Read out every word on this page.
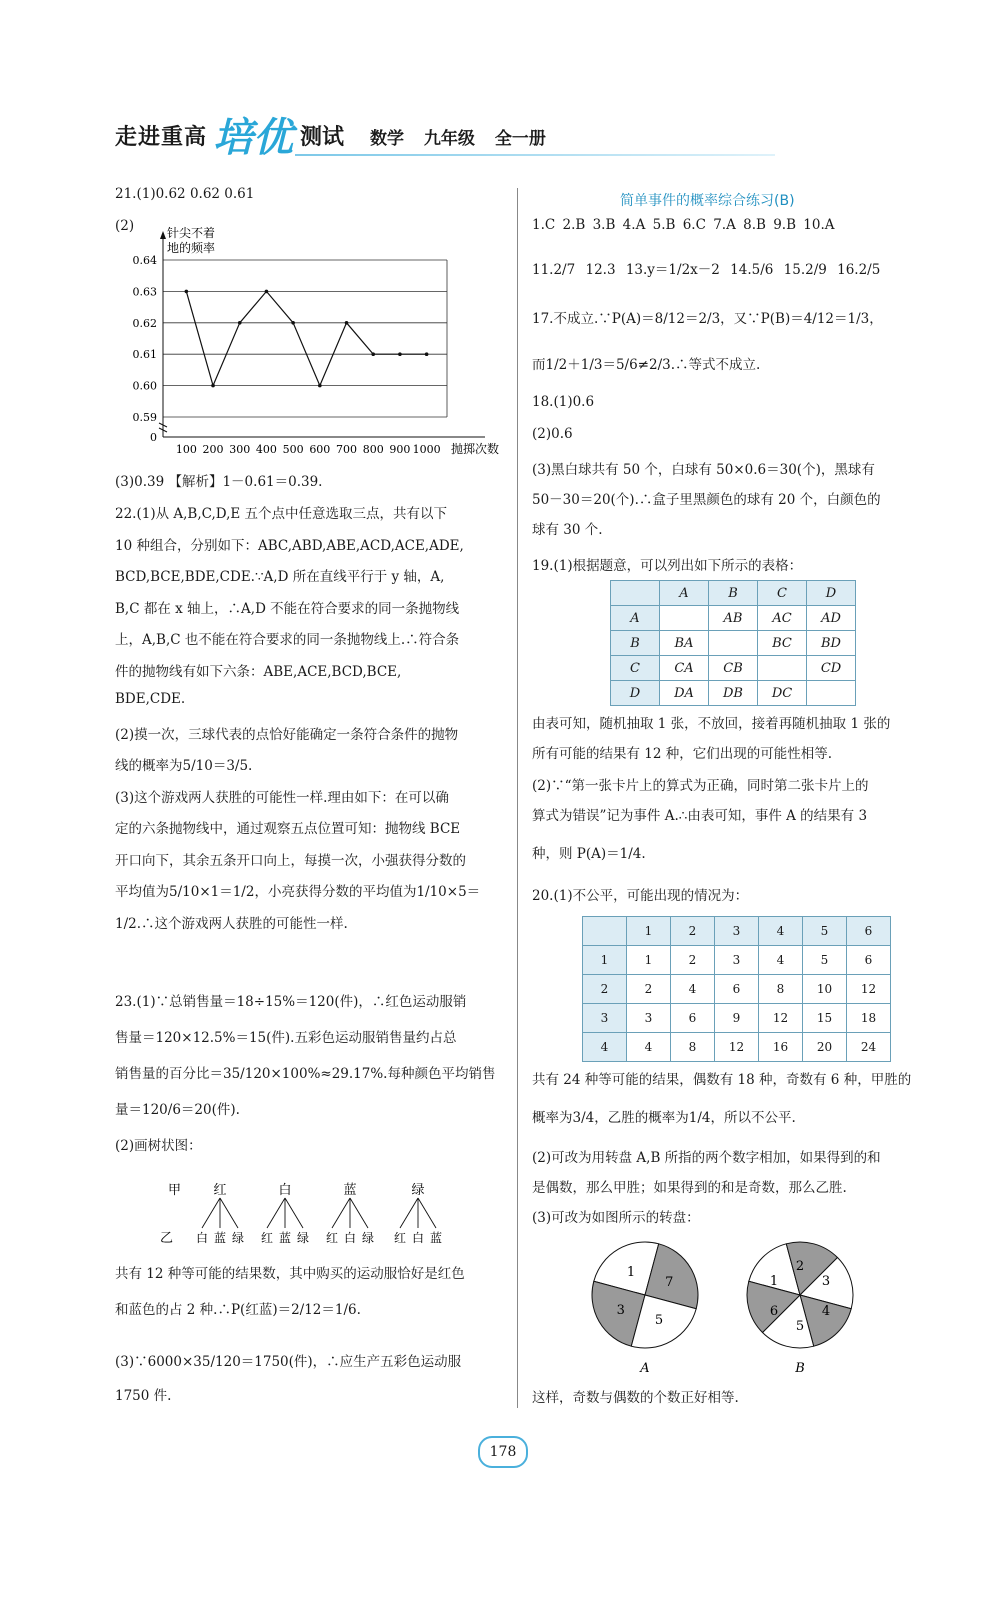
走进重高 培优 测试 数学 九年级 全一册
21.(1)0.62 0.62 0.61
(2)	针尖不着
地的频率
0.64
0.63
0.62
0.61
0.60
0.59
0
100 200 300 400 500 600 700 800 900 1000 抛掷次数
(3)0.39 【解析】1－0.61＝0.39.
22.(1)从 A,B,C,D,E 五个点中任意选取三点，共有以下
10 种组合，分别如下：ABC,ABD,ABE,ACD,ACE,ADE,
BCD,BCE,BDE,CDE.∵A,D 所在直线平行于 y 轴，A,
B,C 都在 x 轴上，∴A,D 不能在符合要求的同一条抛物线
上，A,B,C 也不能在符合要求的同一条抛物线上.∴符合条
件的抛物线有如下六条：ABE,ACE,BCD,BCE,
BDE,CDE.
(2)摸一次，三球代表的点恰好能确定一条符合条件的抛物
线的概率为5/10＝3/5.
(3)这个游戏两人获胜的可能性一样.理由如下：在可以确
定的六条抛物线中，通过观察五点位置可知：抛物线 BCE
开口向下，其余五条开口向上，每摸一次，小强获得分数的
平均值为5/10×1＝1/2，小亮获得分数的平均值为1/10×5＝
1/2.∴这个游戏两人获胜的可能性一样.
23.(1)∵总销售量＝18÷15%＝120(件)，∴红色运动服销
售量＝120×12.5%＝15(件).五彩色运动服销售量约占总
销售量的百分比＝35/120×100%≈29.17%.每种颜色平均销售
量＝120/6＝20(件).
(2)画树状图：
甲
乙
红
白 蓝 绿
白
红 蓝 绿
蓝
红 白 绿
绿
红 白 蓝
共有 12 种等可能的结果数，其中购买的运动服恰好是红色
和蓝色的占 2 种.∴P(红蓝)＝2/12＝1/6.
(3)∵6000×35/120＝1750(件)，∴应生产五彩色运动服
1750 件.
简单事件的概率综合练习(B)
1.C 2.B 3.B 4.A 5.B 6.C 7.A 8.B 9.B 10.A
11.2/7 12.3 13.y＝1/2x－2 14.5/6 15.2/9 16.2/5
17.不成立.∵P(A)＝8/12＝2/3，又∵P(B)＝4/12＝1/3，
而1/2＋1/3＝5/6≠2/3.∴等式不成立.
18.(1)0.6
(2)0.6
(3)黑白球共有 50 个，白球有 50×0.6＝30(个)，黑球有
50－30＝20(个).∴盒子里黑颜色的球有 20 个，白颜色的
球有 30 个.
19.(1)根据题意，可以列出如下所示的表格：
	A	B	C	D
A		AB	AC	AD
B	BA		BC	BD
C	CA	CB		CD
D	DA	DB	DC	
由表可知，随机抽取 1 张，不放回，接着再随机抽取 1 张的
所有可能的结果有 12 种，它们出现的可能性相等.
(2)∵“第一张卡片上的算式为正确，同时第二张卡片上的
算式为错误”记为事件 A.∴由表可知，事件 A 的结果有 3
种，则 P(A)＝1/4.
20.(1)不公平，可能出现的情况为：
	1	2	3	4	5	6
1	1	2	3	4	5	6
2	2	4	6	8	10	12
3	3	6	9	12	15	18
4	4	8	12	16	20	24
共有 24 种等可能的结果，偶数有 18 种，奇数有 6 种，甲胜的
概率为3/4，乙胜的概率为1/4，所以不公平.
(2)可改为用转盘 A,B 所指的两个数字相加，如果得到的和
是偶数，那么甲胜；如果得到的和是奇数，那么乙胜.
(3)可改为如图所示的转盘：
1
7
3
5
A
1
2
3
4
5
6
B
这样，奇数与偶数的个数正好相等.
178
